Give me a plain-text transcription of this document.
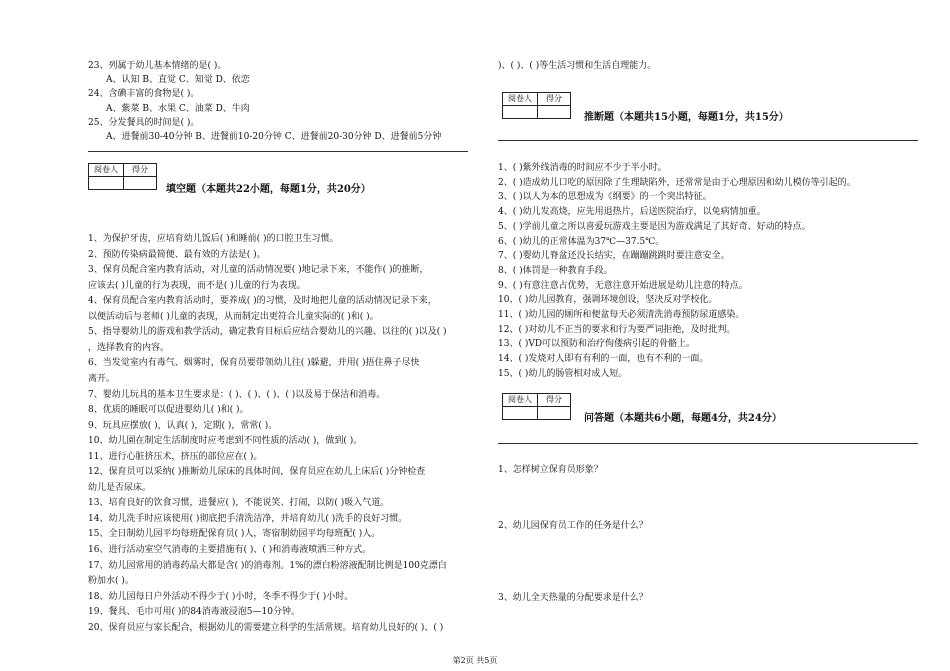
23、列属于幼儿基本情绪的是( )。
A、认知 B、直觉 C、知觉 D、依恋
24、含碘丰富的食物是( )。
A、紫菜 B、水果 C、油菜 D、牛肉
25、分发餐具的时间是( )。
A、进餐前30-40分钟 B、进餐前10-20分钟 C、进餐前20-30分钟 D、进餐前5分钟
阅卷人	得分
填空题（本题共22小题，每题1分，共20分）
1、为保护牙齿，应培育幼儿饭后( )和睡前( )的口腔卫生习惯。
2、预防传染病最简便、最有效的方法是( )。
3、保育员配合室内教育活动，对儿童的活动情况要( )地记录下来，不能作( )的推断，
应该去( )儿童的行为表现，而不是( )儿童的行为表现。
4、保育员配合室内教育活动时，要养成( )的习惯，及时地把儿童的活动情况记录下来，
以便活动后与老师( )儿童的表现，从而制定出更符合儿童实际的( )和( )。
5、指导婴幼儿的游戏和教学活动，确定教育目标后应结合婴幼儿的兴趣、以往的( )以及( )
，选择教育的内容。
6、当发觉室内有毒气、烟雾时，保育员要带领幼儿往( )躲避，并用( )捂住鼻子尽快
离开。
7、婴幼儿玩具的基本卫生要求是：( )、( )、( )、( )以及易于保洁和消毒。
8、优质的睡眠可以促进婴幼儿( )和( )。
9、玩具应摆放( )，认真( )，定期( )，常常( )。
10、幼儿園在制定生活制度时应考虑到不同性质的活动( )，做到( )。
11、进行心脏挤压术，挤压的部位应在( )。
12、保育员可以采纳( )推断幼儿尿床的具体时间，保育员应在幼儿上床后( )分钟检查
幼儿是否尿床。
13、培育良好的饮食习惯，进餐应( )，不能说笑、打闹，以防( )吸入气道。
14、幼儿洗手时应该使用( )彻底把手清洗洁净，并培育幼儿( )洗手的良好习惯。
15、全日制幼儿园平均每班配保育员( )人，寄宿制幼园平均每班配( )人。
16、进行活动室空气消毒的主要措施有( )、( )和消毒液喷洒三种方式。
17、幼儿园常用的消毒药品大都是含( )的消毒剂。1%的漂白粉溶液配制比例是100克漂白
粉加水( )。
18、幼儿园每日户外活动不得少于( )小时，冬季不得少于( )小时。
19、餐具、毛巾可用( )的84消毒液浸泡5—10分钟。
20、保育员应与家长配合，根据幼儿的需要建立科学的生活常规。培育幼儿良好的( )、( )
)、( )、( )等生活习惯和生活自理能力。
阅卷人	得分
推断题（本题共15小题，每题1分，共15分）
1、( )紫外线消毒的时间应不少于半小时。
2、( )造成幼儿口吃的原因除了生理缺陷外，还常常是由于心理原因和幼儿模仿等引起的。
3、( )以人为本的思想成为《纲要》的一个突出特征。
4、( )幼儿发高烧，应先用退热片，后送医院治疗，以免病情加重。
5、( )学前儿童之所以喜爱玩游戏主要是因为游戏满足了其好奇、好动的特点。
6、( )幼儿的正常体温为37℃—37.5℃。
7、( )婴幼儿脊盆还没长结实，在蹦蹦跳跳时要注意安全。
8、( )体罚是一种教育手段。
9、( )有意注意占优势，无意注意开始进展是幼儿注意的特点。
10、( )幼儿园教育，强调环境创设，坚决反对学校化。
11、( )幼儿园的厕所和便盆每天必须清洗消毒预防尿道感染。
12、( )对幼儿不正当的要求和行为要严词拒绝，及时批判。
13、( )VD可以预防和治疗佝偻病引起的骨骼上。
14、( )发烧对人即有有利的一面，也有不利的一面。
15、( )幼儿的肠管相对成人短。
阅卷人	得分
问答题（本题共6小题，每题4分，共24分）
1、怎样树立保育员形象？
2、幼儿园保育员工作的任务是什么？
3、幼儿全天热量的分配要求是什么？
第2页 共5页
